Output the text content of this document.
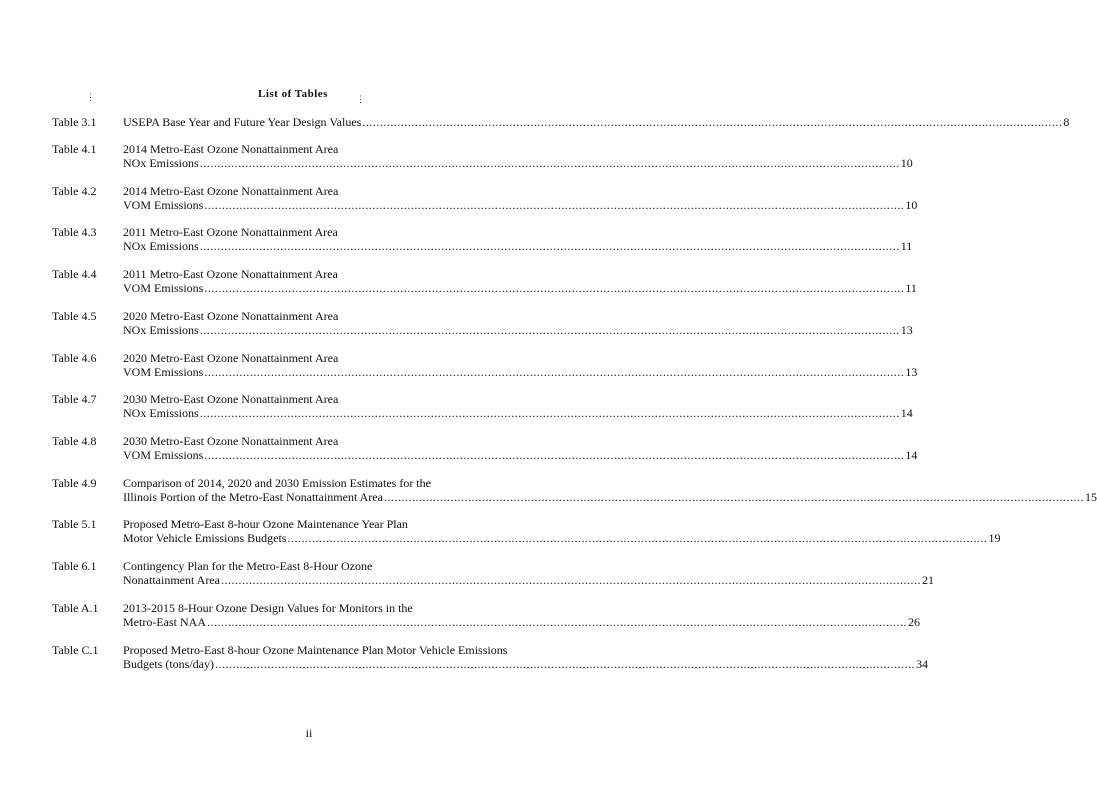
⋮	List of Tables	⋮
Table 3.1 USEPA Base Year and Future Year Design Values ........................................................................................................................................................................................................ 8
Table 4.1 2014 Metro-East Ozone Nonattainment Area
NOx Emissions ........................................................................................................................................................................................................ 10
Table 4.2 2014 Metro-East Ozone Nonattainment Area
VOM Emissions ........................................................................................................................................................................................................ 10
Table 4.3 2011 Metro-East Ozone Nonattainment Area
NOx Emissions ........................................................................................................................................................................................................ 11
Table 4.4 2011 Metro-East Ozone Nonattainment Area
VOM Emissions ........................................................................................................................................................................................................ 11
Table 4.5 2020 Metro-East Ozone Nonattainment Area
NOx Emissions ........................................................................................................................................................................................................ 13
Table 4.6 2020 Metro-East Ozone Nonattainment Area
VOM Emissions ........................................................................................................................................................................................................ 13
Table 4.7 2030 Metro-East Ozone Nonattainment Area
NOx Emissions ........................................................................................................................................................................................................ 14
Table 4.8 2030 Metro-East Ozone Nonattainment Area
VOM Emissions ........................................................................................................................................................................................................ 14
Table 4.9 Comparison of 2014, 2020 and 2030 Emission Estimates for the
Illinois Portion of the Metro-East Nonattainment Area ........................................................................................................................................................................................................ 15
Table 5.1 Proposed Metro-East 8-hour Ozone Maintenance Year Plan
Motor Vehicle Emissions Budgets ........................................................................................................................................................................................................ 19
Table 6.1 Contingency Plan for the Metro-East 8-Hour Ozone
Nonattainment Area ........................................................................................................................................................................................................ 21
Table A.1 2013-2015 8-Hour Ozone Design Values for Monitors in the
Metro-East NAA ........................................................................................................................................................................................................ 26
Table C.1 Proposed Metro-East 8-hour Ozone Maintenance Plan Motor Vehicle Emissions
Budgets (tons/day) ........................................................................................................................................................................................................ 34
ii
